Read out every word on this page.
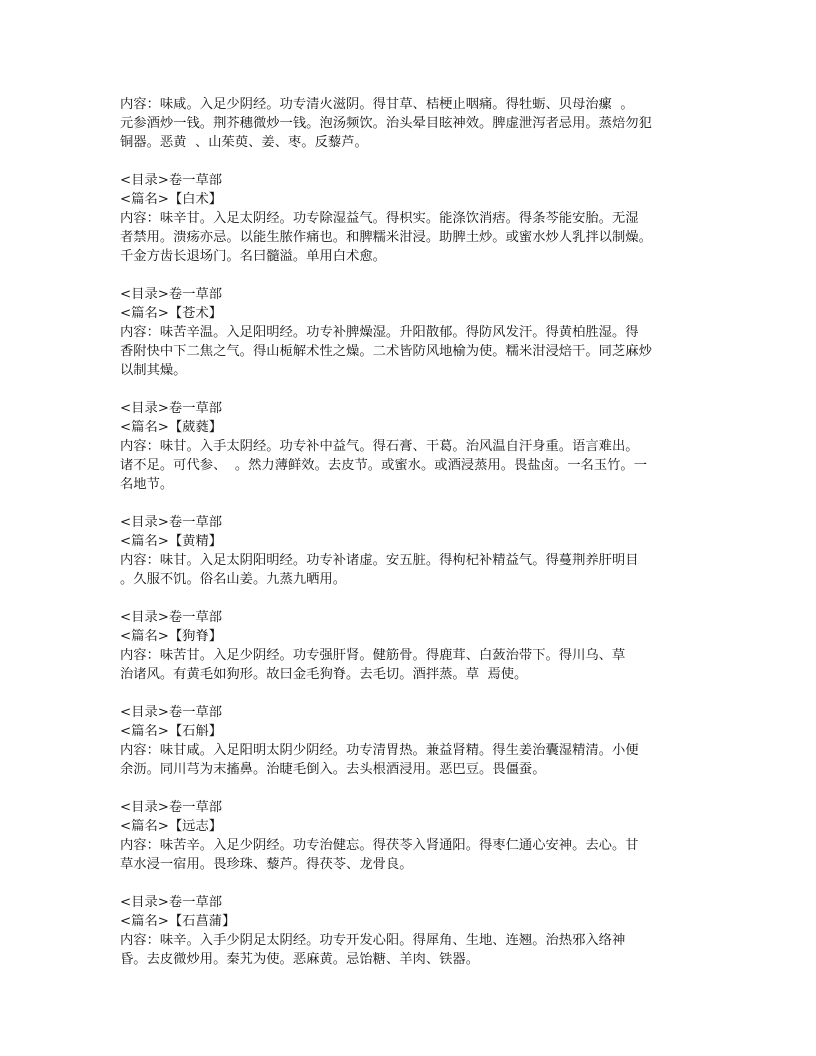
内容：味咸。入足少阴经。功专清火滋阴。得甘草、桔梗止咽痛。得牡蛎、贝母治瘰  。
元参酒炒一钱。荆芥穗微炒一钱。泡汤频饮。治头晕目眩神效。脾虚泄泻者忌用。蒸焙勿犯
铜器。恶黄  、山茱萸、姜、枣。反藜芦。
<目录>卷一草部
<篇名>【白术】
内容：味辛甘。入足太阴经。功专除湿益气。得枳实。能涤饮消痞。得条芩能安胎。无湿
者禁用。溃疡亦忌。以能生脓作痛也。和脾糯米泔浸。助脾土炒。或蜜水炒人乳拌以制燥。
千金方齿长退场门。名曰髓溢。单用白术愈。
<目录>卷一草部
<篇名>【苍术】
内容：味苦辛温。入足阳明经。功专补脾燥湿。升阳散郁。得防风发汗。得黄柏胜湿。得
香附快中下二焦之气。得山栀解术性之燥。二术皆防风地榆为使。糯米泔浸焙干。同芝麻炒
以制其燥。
<目录>卷一草部
<篇名>【葳蕤】
内容：味甘。入手太阴经。功专补中益气。得石膏、干葛。治风温自汗身重。语言难出。
诸不足。可代参、  。然力薄鲜效。去皮节。或蜜水。或酒浸蒸用。畏盐卤。一名玉竹。一
名地节。
<目录>卷一草部
<篇名>【黄精】
内容：味甘。入足太阴阳明经。功专补诸虚。安五脏。得枸杞补精益气。得蔓荆养肝明目
。久服不饥。俗名山姜。九蒸九晒用。
<目录>卷一草部
<篇名>【狗脊】
内容：味苦甘。入足少阴经。功专强肝肾。健筋骨。得鹿茸、白蔹治带下。得川乌、草
治诸风。有黄毛如狗形。故曰金毛狗脊。去毛切。酒拌蒸。草  焉使。
<目录>卷一草部
<篇名>【石斛】
内容：味甘咸。入足阳明太阴少阴经。功专清胃热。兼益肾精。得生姜治囊湿精清。小便
余沥。同川芎为末搐鼻。治睫毛倒入。去头根酒浸用。恶巴豆。畏僵蚕。
<目录>卷一草部
<篇名>【远志】
内容：味苦辛。入足少阴经。功专治健忘。得茯苓入肾通阳。得枣仁通心安神。去心。甘
草水浸一宿用。畏珍珠、藜芦。得茯苓、龙骨良。
<目录>卷一草部
<篇名>【石菖蒲】
内容：味辛。入手少阴足太阴经。功专开发心阳。得犀角、生地、连翘。治热邪入络神
昏。去皮微炒用。秦艽为使。恶麻黄。忌饴糖、羊肉、铁器。
